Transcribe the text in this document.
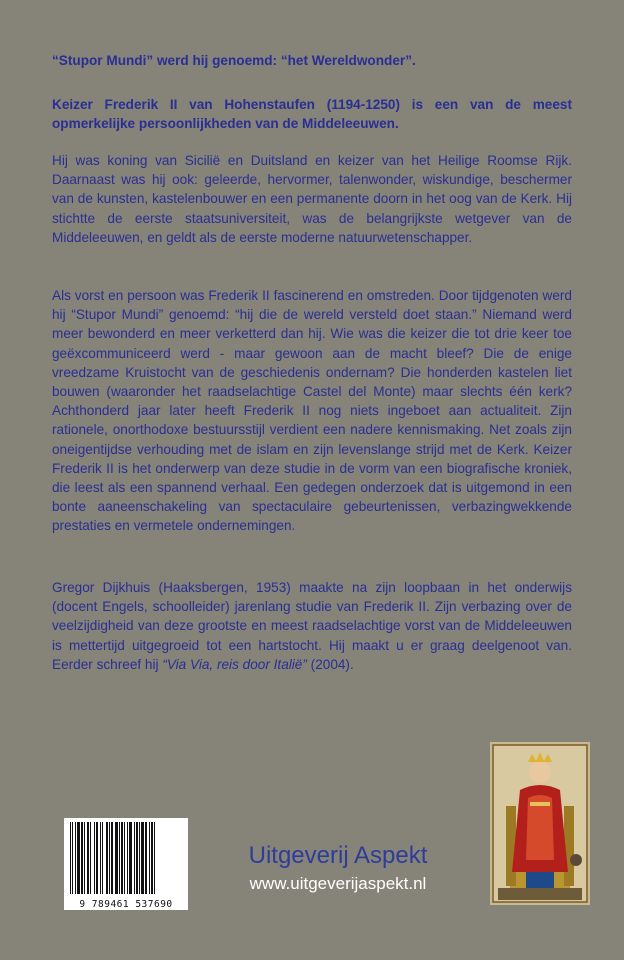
“Stupor Mundi” werd hij genoemd: “het Wereldwonder”.
Keizer Frederik II van Hohenstaufen (1194-1250) is een van de meest opmerkelijke persoonlijkheden van de Middeleeuwen.
Hij was koning van Sicilië en Duitsland en keizer van het Heilige Roomse Rijk. Daarnaast was hij ook: geleerde, hervormer, talenwonder, wiskundige, beschermer van de kunsten, kastelenbouwer en een permanente doorn in het oog van de Kerk. Hij stichtte de eerste staatsuniversiteit, was de belangrijkste wetgever van de Middeleeuwen, en geldt als de eerste moderne natuurwetenschapper.
Als vorst en persoon was Frederik II fascinerend en omstreden. Door tijdgenoten werd hij “Stupor Mundi” genoemd: “hij die de wereld versteld doet staan.” Niemand werd meer bewonderd en meer verketterd dan hij. Wie was die keizer die tot drie keer toe geëxcommuniceerd werd - maar gewoon aan de macht bleef? Die de enige vreedzame Kruistocht van de geschiedenis ondernam? Die honderden kastelen liet bouwen (waaronder het raadselachtige Castel del Monte) maar slechts één kerk? Achthonderd jaar later heeft Frederik II nog niets ingeboet aan actualiteit. Zijn rationele, onorthodoxe bestuursstijl verdient een nadere kennismaking. Net zoals zijn oneigentijdse verhouding met de islam en zijn levenslange strijd met de Kerk. Keizer Frederik II is het onderwerp van deze studie in de vorm van een biografische kroniek, die leest als een spannend verhaal. Een gedegen onderzoek dat is uitgemond in een bonte aaneenschakeling van spectaculaire gebeurtenissen, verbazingwekkende prestaties en vermetele ondernemingen.
Gregor Dijkhuis (Haaksbergen, 1953) maakte na zijn loopbaan in het onderwijs (docent Engels, schoolleider) jarenlang studie van Frederik II. Zijn verbazing over de veelzijdigheid van deze grootste en meest raadselachtige vorst van de Middeleeuwen is mettertijd uitgegroeid tot een hartstocht. Hij maakt u er graag deelgenoot van. Eerder schreef hij “Via Via, reis door Italië” (2004).
9 789461 537690
Uitgeverij Aspekt
www.uitgeverijaspekt.nl
